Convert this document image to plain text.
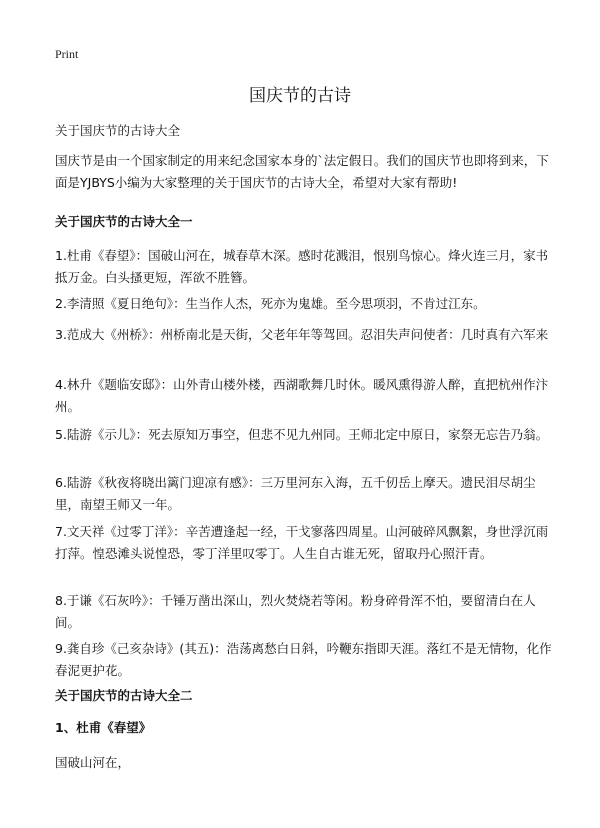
Print
国庆节的古诗

关于国庆节的古诗大全

国庆节是由一个国家制定的用来纪念国家本身的`法定假日。我们的国庆节也即将到来，下面是YJBYS小编为大家整理的关于国庆节的古诗大全，希望对大家有帮助!

关于国庆节的古诗大全一

1.杜甫《春望》：国破山河在，城春草木深。感时花溅泪，恨别鸟惊心。烽火连三月，家书抵万金。白头搔更短，浑欲不胜簪。

2.李清照《夏日绝句》：生当作人杰，死亦为鬼雄。至今思项羽，不肯过江东。

3.范成大《州桥》：州桥南北是天街，父老年年等驾回。忍泪失声问使者：几时真有六军来

4.林升《题临安邸》：山外青山楼外楼，西湖歌舞几时休。暖风熏得游人醉，直把杭州作汴州。

5.陆游《示儿》：死去原知万事空，但悲不见九州同。王师北定中原日，家祭无忘告乃翁。

6.陆游《秋夜将晓出篱门迎凉有感》：三万里河东入海，五千仞岳上摩天。遗民泪尽胡尘里，南望王师又一年。

7.文天祥《过零丁洋》：辛苦遭逢起一经，干戈寥落四周星。山河破碎风飘絮，身世浮沉雨打萍。惶恐滩头说惶恐，零丁洋里叹零丁。人生自古谁无死，留取丹心照汗青。

8.于谦《石灰吟》：千锤万凿出深山，烈火焚烧若等闲。粉身碎骨浑不怕，要留清白在人间。

9.龚自珍《己亥杂诗》(其五)：浩荡离愁白日斜，吟鞭东指即天涯。落红不是无情物，化作春泥更护花。

关于国庆节的古诗大全二

1、杜甫《春望》

国破山河在，
